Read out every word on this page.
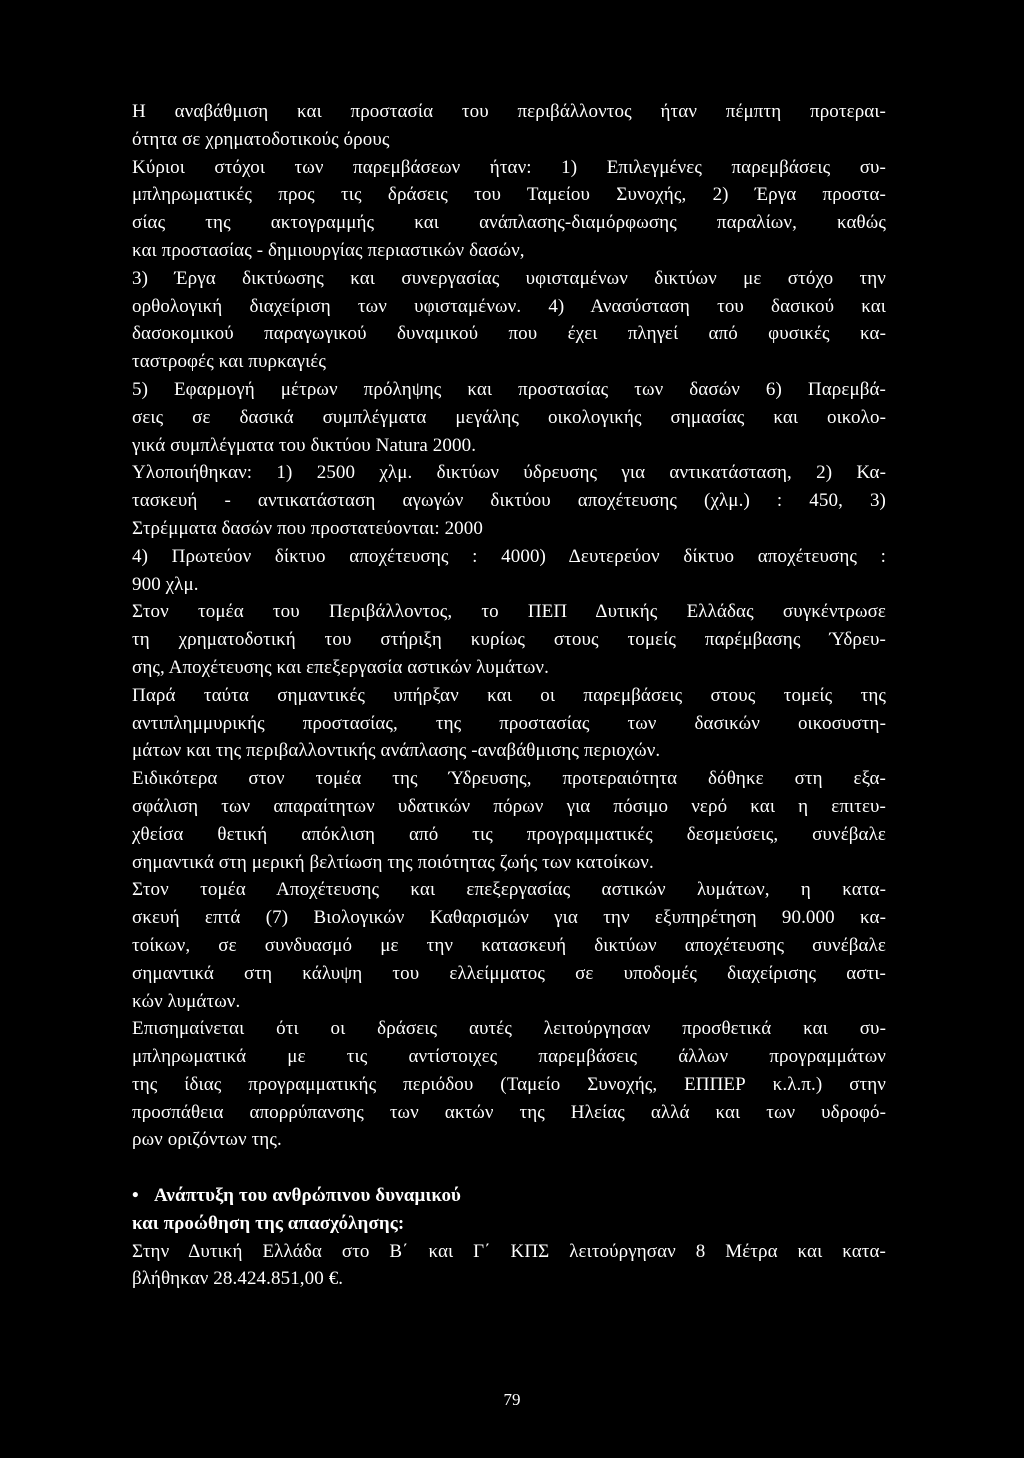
Η αναβάθμιση και προστασία του περιβάλλοντος ήταν πέμπτη προτεραι-
ότητα σε χρηματοδοτικούς όρους
Κύριοι στόχοι των παρεμβάσεων ήταν: 1) Επιλεγμένες παρεμβάσεις συ-
μπληρωματικές προς τις δράσεις του Ταμείου Συνοχής, 2) Έργα προστα-
σίας της ακτογραμμής και ανάπλασης-διαμόρφωσης παραλίων, καθώς
και προστασίας - δημιουργίας περιαστικών δασών,
3) Έργα δικτύωσης και συνεργασίας υφισταμένων δικτύων με στόχο την
ορθολογική διαχείριση των υφισταμένων. 4) Ανασύσταση του δασικού και
δασοκομικού παραγωγικού δυναμικού που έχει πληγεί από φυσικές κα-
ταστροφές και πυρκαγιές
5) Εφαρμογή μέτρων πρόληψης και προστασίας των δασών 6) Παρεμβά-
σεις σε δασικά συμπλέγματα μεγάλης οικολογικής σημασίας και οικολο-
γικά συμπλέγματα του δικτύου Natura 2000.
Υλοποιήθηκαν: 1) 2500 χλμ. δικτύων ύδρευσης για αντικατάσταση, 2) Κα-
τασκευή - αντικατάσταση αγωγών δικτύου αποχέτευσης (χλμ.) : 450, 3)
Στρέμματα δασών που προστατεύονται: 2000
4) Πρωτεύον δίκτυο αποχέτευσης : 4000) Δευτερεύον δίκτυο αποχέτευσης :
900 χλμ.
Στον τομέα του Περιβάλλοντος, το ΠΕΠ Δυτικής Ελλάδας συγκέντρωσε
τη χρηματοδοτική του στήριξη κυρίως στους τομείς παρέμβασης Ύδρευ-
σης, Αποχέτευσης και επεξεργασία αστικών λυμάτων.
Παρά ταύτα σημαντικές υπήρξαν και οι παρεμβάσεις στους τομείς της
αντιπλημμυρικής προστασίας, της προστασίας των δασικών οικοσυστη-
μάτων και της περιβαλλοντικής ανάπλασης -αναβάθμισης περιοχών.
Ειδικότερα στον τομέα της Ύδρευσης, προτεραιότητα δόθηκε στη εξα-
σφάλιση των απαραίτητων υδατικών πόρων για πόσιμο νερό και η επιτευ-
χθείσα θετική απόκλιση από τις προγραμματικές δεσμεύσεις, συνέβαλε
σημαντικά στη μερική βελτίωση της ποιότητας ζωής των κατοίκων.
Στον τομέα Αποχέτευσης και επεξεργασίας αστικών λυμάτων, η κατα-
σκευή επτά (7) Βιολογικών Καθαρισμών για την εξυπηρέτηση 90.000 κα-
τοίκων, σε συνδυασμό με την κατασκευή δικτύων αποχέτευσης συνέβαλε
σημαντικά στη κάλυψη του ελλείμματος σε υποδομές διαχείρισης αστι-
κών λυμάτων.
Επισημαίνεται ότι οι δράσεις αυτές λειτούργησαν προσθετικά και συ-
μπληρωματικά με τις αντίστοιχες παρεμβάσεις άλλων προγραμμάτων
της ίδιας προγραμματικής περιόδου (Ταμείο Συνοχής, ΕΠΠΕΡ κ.λ.π.) στην
προσπάθεια απορρύπανσης των ακτών της Ηλείας αλλά και των υδροφό-
ρων οριζόντων της.
• Ανάπτυξη του ανθρώπινου δυναμικού
και προώθηση της απασχόλησης:
Στην Δυτική Ελλάδα στο Β΄ και Γ΄ ΚΠΣ λειτούργησαν 8 Μέτρα και κατα-
βλήθηκαν 28.424.851,00 €.
79
